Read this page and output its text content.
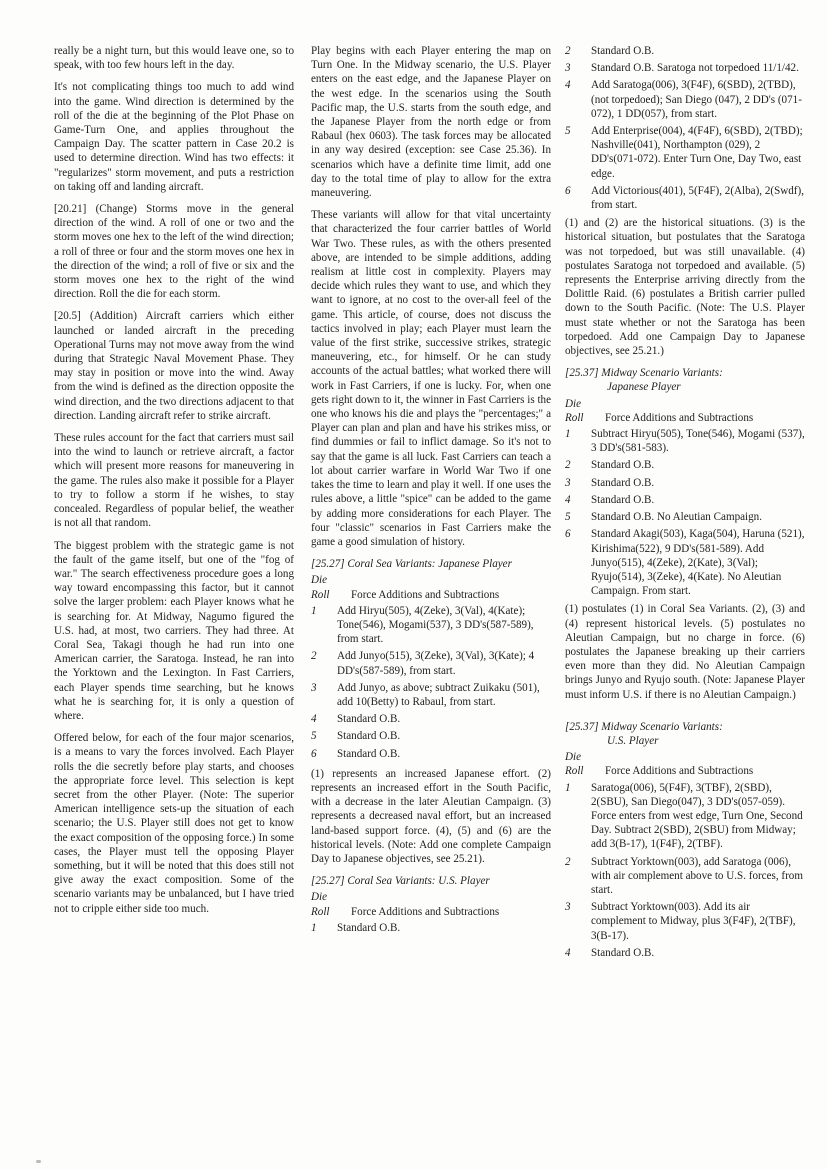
really be a night turn, but this would leave one, so to speak, with too few hours left in the day.

It's not complicating things too much to add wind into the game. Wind direction is determined by the roll of the die at the beginning of the Plot Phase on Game-Turn One, and applies throughout the Campaign Day. The scatter pattern in Case 20.2 is used to determine direction. Wind has two effects: it "regularizes" storm movement, and puts a restriction on taking off and landing aircraft.

[20.21] (Change) Storms move in the general direction of the wind. A roll of one or two and the storm moves one hex to the left of the wind direction; a roll of three or four and the storm moves one hex in the direction of the wind; a roll of five or six and the storm moves one hex to the right of the wind direction. Roll the die for each storm.

[20.5] (Addition) Aircraft carriers which either launched or landed aircraft in the preceding Operational Turns may not move away from the wind during that Strategic Naval Movement Phase. They may stay in position or move into the wind. Away from the wind is defined as the direction opposite the wind direction, and the two directions adjacent to that direction. Landing aircraft refer to strike aircraft.

These rules account for the fact that carriers must sail into the wind to launch or retrieve aircraft, a factor which will present more reasons for maneuvering in the game. The rules also make it possible for a Player to try to follow a storm if he wishes, to stay concealed. Regardless of popular belief, the weather is not all that random.

The biggest problem with the strategic game is not the fault of the game itself, but one of the "fog of war." The search effectiveness procedure goes a long way toward encompassing this factor, but it cannot solve the larger problem: each Player knows what he is searching for. At Midway, Nagumo figured the U.S. had, at most, two carriers. They had three. At Coral Sea, Takagi though he had run into one American carrier, the Saratoga. Instead, he ran into the Yorktown and the Lexington. In Fast Carriers, each Player spends time searching, but he knows what he is searching for, it is only a question of where.

Offered below, for each of the four major scenarios, is a means to vary the forces involved. Each Player rolls the die secretly before play starts, and chooses the appropriate force level. This selection is kept secret from the other Player. (Note: The superior American intelligence sets-up the situation of each scenario; the U.S. Player still does not get to know the exact composition of the opposing force.) In some cases, the Player must tell the opposing Player something, but it will be noted that this does still not give away the exact composition. Some of the scenario variants may be unbalanced, but I have tried not to cripple either side too much.

Play begins with each Player entering the map on Turn One. In the Midway scenario, the U.S. Player enters on the east edge, and the Japanese Player on the west edge. In the scenarios using the South Pacific map, the U.S. starts from the south edge, and the Japanese Player from the north edge or from Rabaul (hex 0603). The task forces may be allocated in any way desired (exception: see Case 25.36). In scenarios which have a definite time limit, add one day to the total time of play to allow for the extra maneuvering.

These variants will allow for that vital uncertainty that characterized the four carrier battles of World War Two. These rules, as with the others presented above, are intended to be simple additions, adding realism at little cost in complexity. Players may decide which rules they want to use, and which they want to ignore, at no cost to the over-all feel of the game. This article, of course, does not discuss the tactics involved in play; each Player must learn the value of the first strike, successive strikes, strategic maneuvering, etc., for himself. Or he can study accounts of the actual battles; what worked there will work in Fast Carriers, if one is lucky. For, when one gets right down to it, the winner in Fast Carriers is the one who knows his die and plays the "percentages;" a Player can plan and plan and have his strikes miss, or find dummies or fail to inflict damage. So it's not to say that the game is all luck. Fast Carriers can teach a lot about carrier warfare in World War Two if one takes the time to learn and play it well. If one uses the rules above, a little "spice" can be added to the game by adding more considerations for each Player. The four "classic" scenarios in Fast Carriers make the game a good simulation of history.

[25.27] Coral Sea Variants: Japanese Player
Die
Roll Force Additions and Subtractions
1	Add Hiryu(505), 4(Zeke), 3(Val), 4(Kate); Tone(546), Mogami(537), 3 DD's(587-589), from start.
2	Add Junyo(515), 3(Zeke), 3(Val), 3(Kate); 4 DD's(587-589), from start.
3	Add Junyo, as above; subtract Zuikaku (501), add 10(Betty) to Rabaul, from start.
4	Standard O.B.
5	Standard O.B.
6	Standard O.B.

(1) represents an increased Japanese effort. (2) represents an increased effort in the South Pacific, with a decrease in the later Aleutian Campaign. (3) represents a decreased naval effort, but an increased land-based support force. (4), (5) and (6) are the historical levels. (Note: Add one complete Campaign Day to Japanese objectives, see 25.21).

[25.27] Coral Sea Variants: U.S. Player
Die
Roll Force Additions and Subtractions
1	Standard O.B.
2	Standard O.B.
3	Standard O.B. Saratoga not torpedoed 11/1/42.
4	Add Saratoga(006), 3(F4F), 6(SBD), 2(TBD), (not torpedoed); San Diego (047), 2 DD's (071-072), 1 DD(057), from start.
5	Add Enterprise(004), 4(F4F), 6(SBD), 2(TBD); Nashville(041), Northampton (029), 2 DD's(071-072). Enter Turn One, Day Two, east edge.
6	Add Victorious(401), 5(F4F), 2(Alba), 2(Swdf), from start.

(1) and (2) are the historical situations. (3) is the historical situation, but postulates that the Saratoga was not torpedoed, but was still unavailable. (4) postulates Saratoga not torpedoed and available. (5) represents the Enterprise arriving directly from the Dolittle Raid. (6) postulates a British carrier pulled down to the South Pacific. (Note: The U.S. Player must state whether or not the Saratoga has been torpedoed. Add one Campaign Day to Japanese objectives, see 25.21.)

[25.37] Midway Scenario Variants:
Japanese Player
Die
Roll Force Additions and Subtractions
1	Subtract Hiryu(505), Tone(546), Mogami (537), 3 DD's(581-583).
2	Standard O.B.
3	Standard O.B.
4	Standard O.B.
5	Standard O.B. No Aleutian Campaign.
6	Standard Akagi(503), Kaga(504), Haruna (521), Kirishima(522), 9 DD's(581-589). Add Junyo(515), 4(Zeke), 2(Kate), 3(Val); Ryujo(514), 3(Zeke), 4(Kate). No Aleutian Campaign. From start.

(1) postulates (1) in Coral Sea Variants. (2), (3) and (4) represent historical levels. (5) postulates no Aleutian Campaign, but no charge in force. (6) postulates the Japanese breaking up their carriers even more than they did. No Aleutian Campaign brings Junyo and Ryujo south. (Note: Japanese Player must inform U.S. if there is no Aleutian Campaign.)

[25.37] Midway Scenario Variants:
U.S. Player
Die
Roll Force Additions and Subtractions
1	Saratoga(006), 5(F4F), 3(TBF), 2(SBD), 2(SBU), San Diego(047), 3 DD's(057-059). Force enters from west edge, Turn One, Second Day. Subtract 2(SBD), 2(SBU) from Midway; add 3(B-17), 1(F4F), 2(TBF).
2	Subtract Yorktown(003), add Saratoga (006), with air complement above to U.S. forces, from start.
3	Subtract Yorktown(003). Add its air complement to Midway, plus 3(F4F), 2(TBF), 3(B-17).
4	Standard O.B.
